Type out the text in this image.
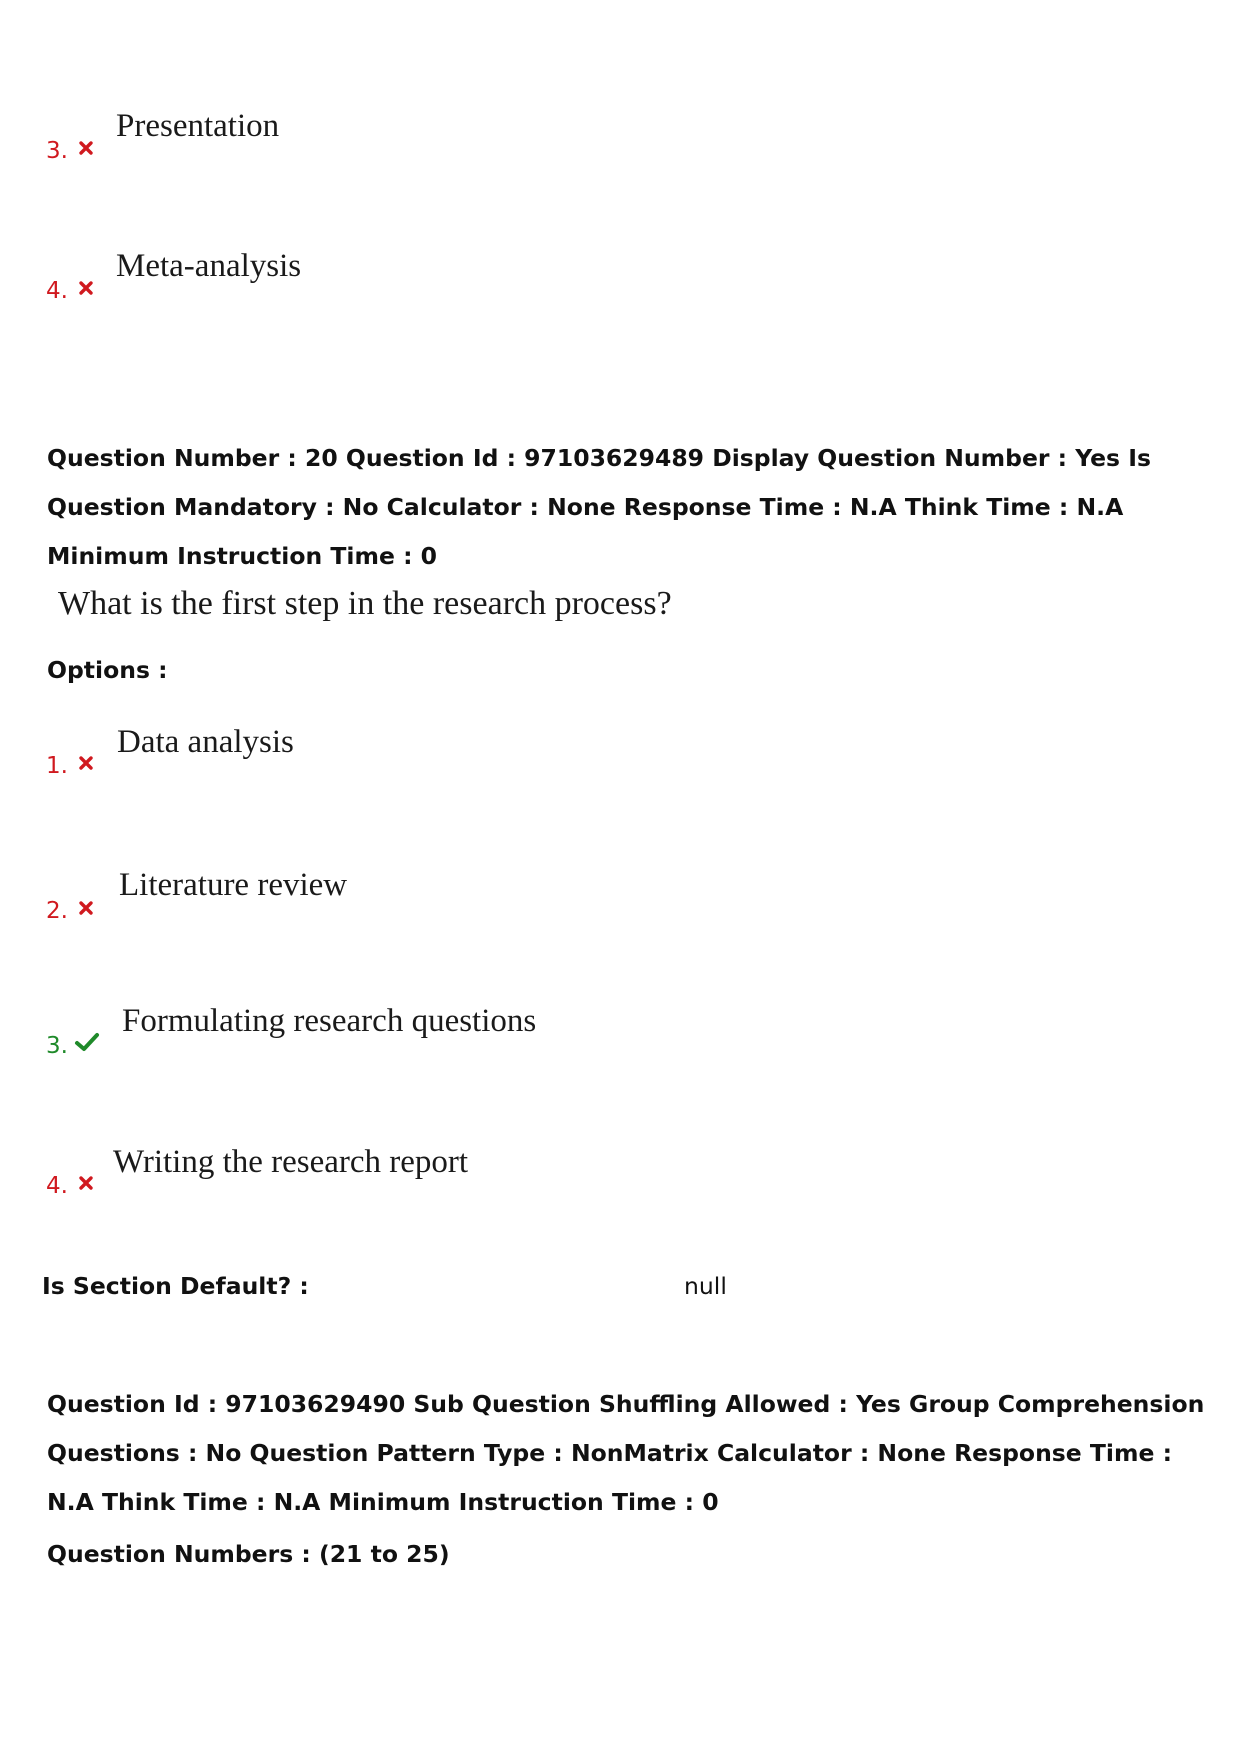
3.
Presentation
4.
Meta-analysis

Question Number : 20 Question Id : 97103629489 Display Question Number : Yes Is Question Mandatory : No Calculator : None Response Time : N.A Think Time : N.A Minimum Instruction Time : 0

What is the first step in the research process?
Options :
1.
Data analysis
2.
Literature review
3.
Formulating research questions
4.
Writing the research report
Is Section Default? :	null

Question Id : 97103629490 Sub Question Shuffling Allowed : Yes Group Comprehension Questions : No Question Pattern Type : NonMatrix Calculator : None Response Time : N.A Think Time : N.A Minimum Instruction Time : 0

Question Numbers : (21 to 25)
